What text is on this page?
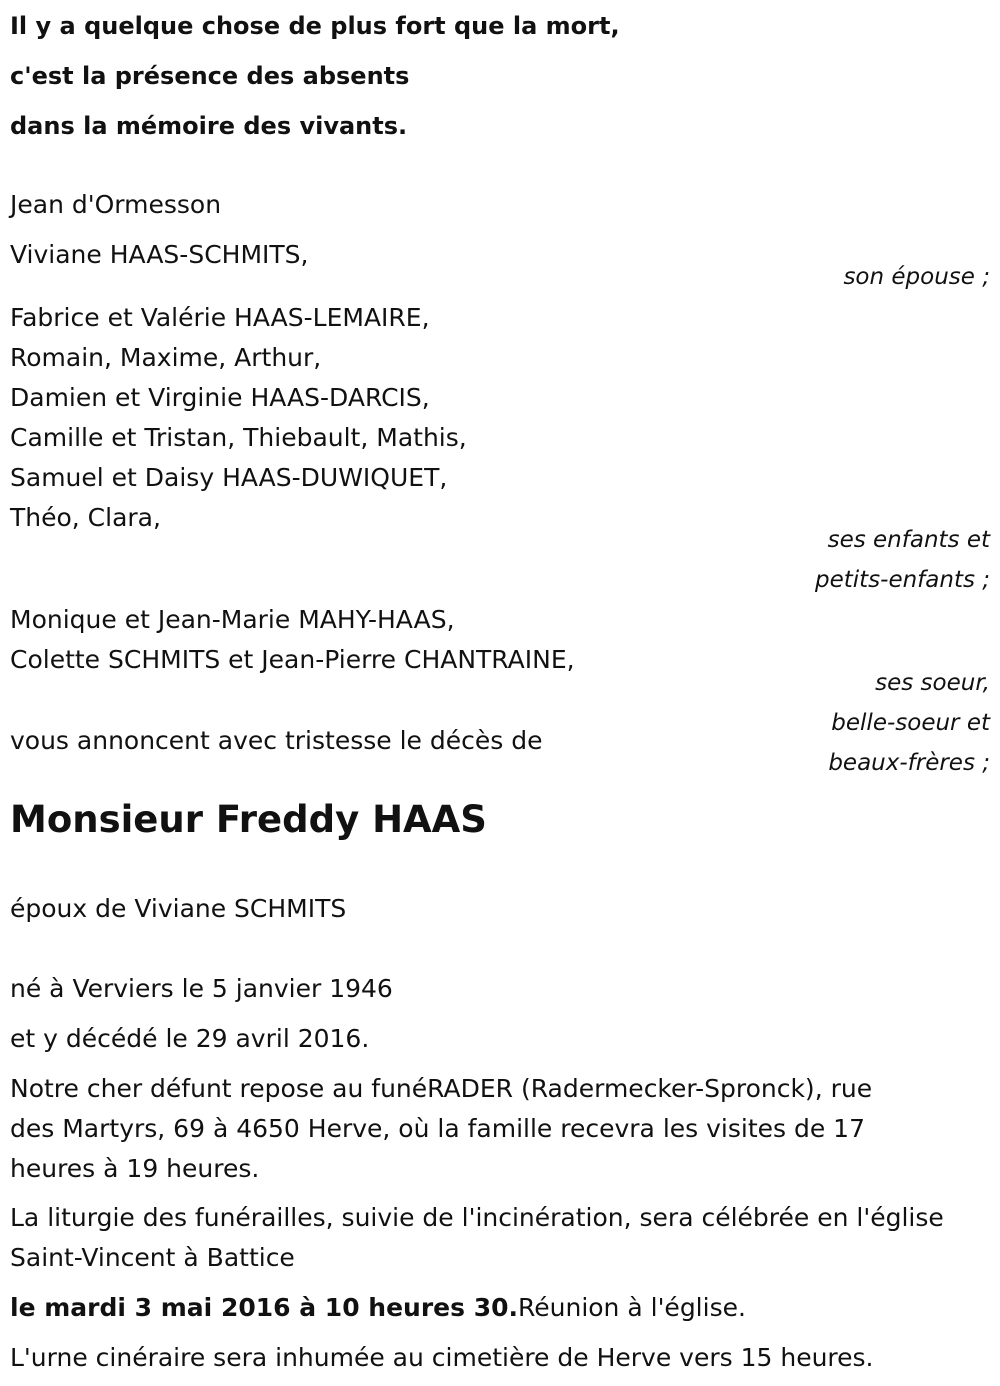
Il y a quelque chose de plus fort que la mort,
c'est la présence des absents
dans la mémoire des vivants.
Jean d'Ormesson
Viviane HAAS-SCHMITS,
son épouse ;
Fabrice et Valérie HAAS-LEMAIRE,
Romain, Maxime, Arthur,
Damien et Virginie HAAS-DARCIS,
Camille et Tristan, Thiebault, Mathis,
Samuel et Daisy HAAS-DUWIQUET,
Théo, Clara,
ses enfants et
petits-enfants ;
Monique et Jean-Marie MAHY-HAAS,
Colette SCHMITS et Jean-Pierre CHANTRAINE,
ses soeur,
belle-soeur et
beaux-frères ;
vous annoncent avec tristesse le décès de
Monsieur Freddy HAAS
époux de Viviane SCHMITS
né à Verviers le 5 janvier 1946
et y décédé le 29 avril 2016.
Notre cher défunt repose au funéRADER (Radermecker-Spronck), rue
des Martyrs, 69 à 4650 Herve, où la famille recevra les visites de 17
heures à 19 heures.
La liturgie des funérailles, suivie de l'incinération, sera célébrée en l'église
Saint-Vincent à Battice
le mardi 3 mai 2016 à 10 heures 30.Réunion à l'église.
L'urne cinéraire sera inhumée au cimetière de Herve vers 15 heures.
